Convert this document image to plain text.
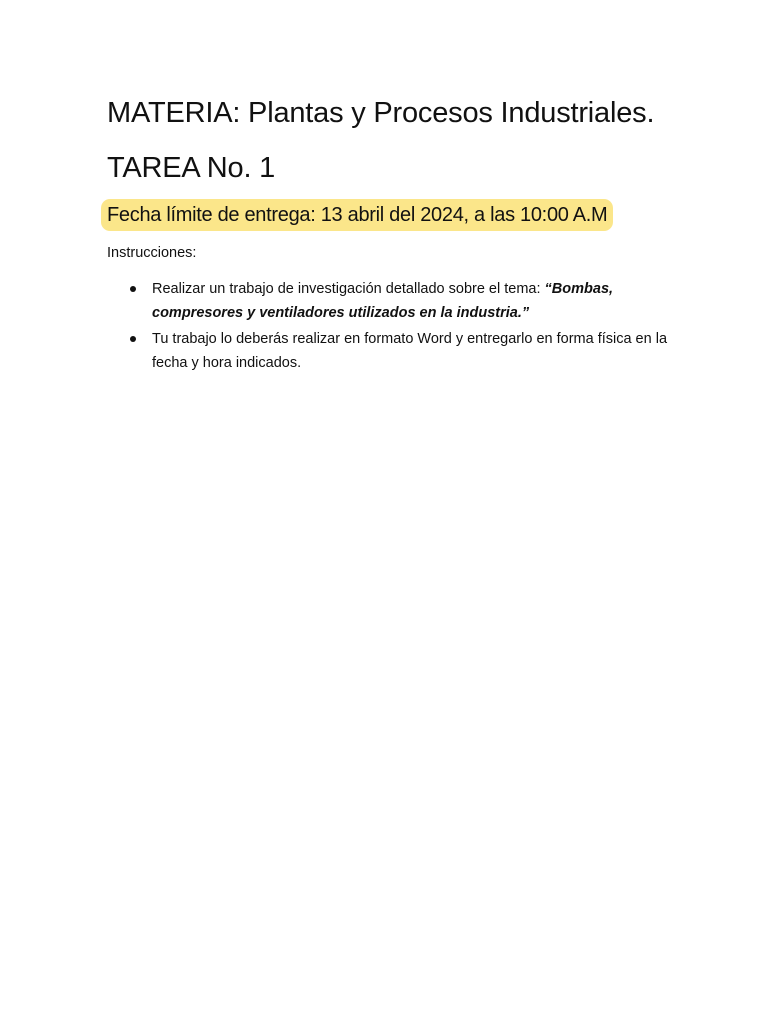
MATERIA: Plantas y Procesos Industriales.
TAREA No. 1
Fecha límite de entrega: 13 abril del 2024, a las 10:00 A.M
Instrucciones:
Realizar un trabajo de investigación detallado sobre el tema: “Bombas, compresores y ventiladores utilizados en la industria.”
Tu trabajo lo deberás realizar en formato Word y entregarlo en forma física en la fecha y hora indicados.
